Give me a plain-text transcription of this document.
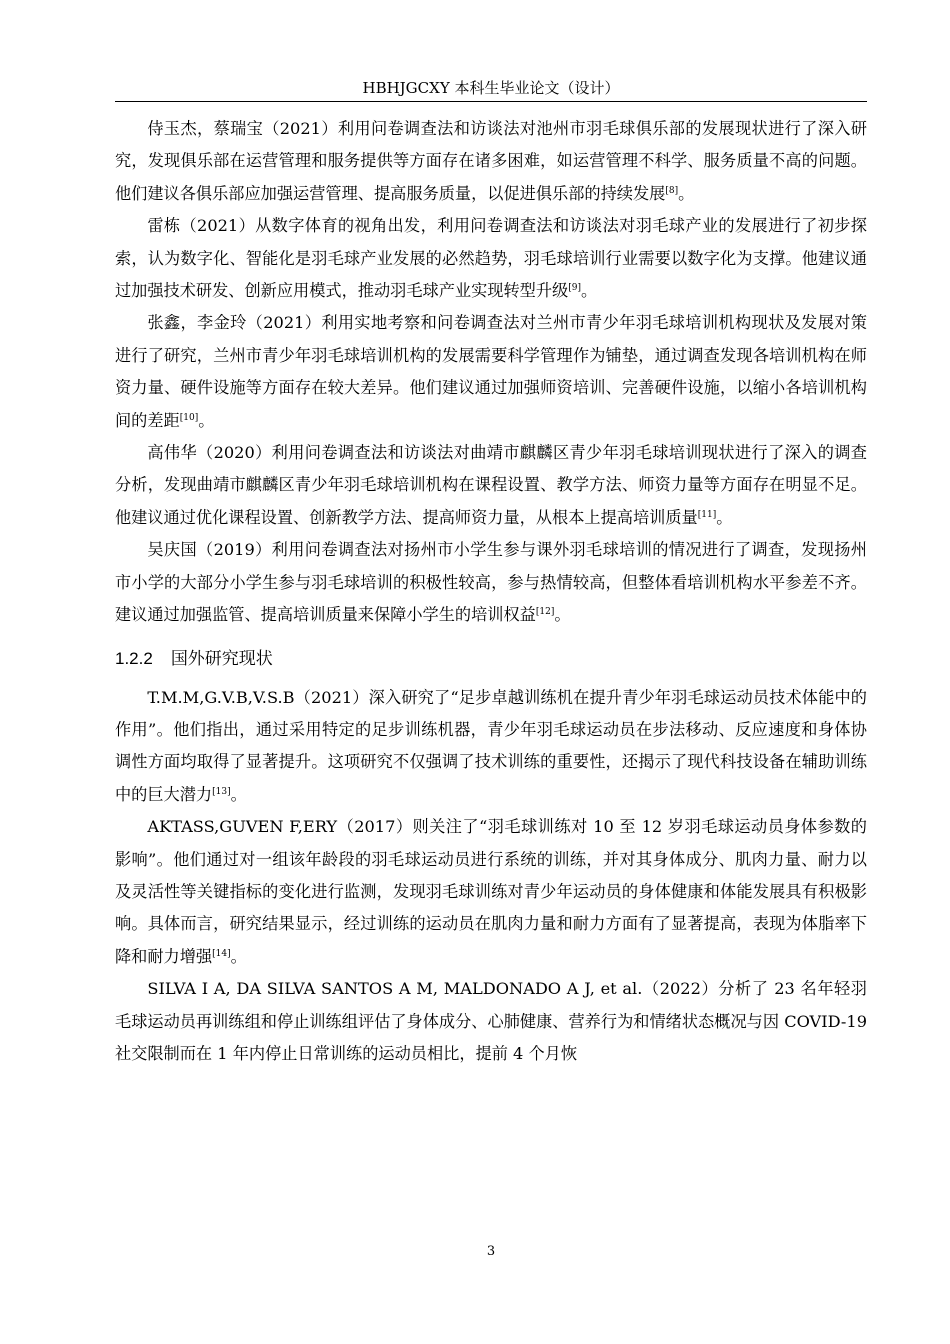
HBHJGCXY 本科生毕业论文（设计）

侍玉杰，蔡瑞宝（2021）利用问卷调查法和访谈法对池州市羽毛球俱乐部的发展现状进行了深入研究，发现俱乐部在运营管理和服务提供等方面存在诸多困难，如运营管理不科学、服务质量不高的问题。他们建议各俱乐部应加强运营管理、提高服务质量，以促进俱乐部的持续发展[8]。

雷栋（2021）从数字体育的视角出发，利用问卷调查法和访谈法对羽毛球产业的发展进行了初步探索，认为数字化、智能化是羽毛球产业发展的必然趋势，羽毛球培训行业需要以数字化为支撑。他建议通过加强技术研发、创新应用模式，推动羽毛球产业实现转型升级[9]。

张鑫，李金玲（2021）利用实地考察和问卷调查法对兰州市青少年羽毛球培训机构现状及发展对策进行了研究，兰州市青少年羽毛球培训机构的发展需要科学管理作为铺垫，通过调查发现各培训机构在师资力量、硬件设施等方面存在较大差异。他们建议通过加强师资培训、完善硬件设施，以缩小各培训机构间的差距[10]。

高伟华（2020）利用问卷调查法和访谈法对曲靖市麒麟区青少年羽毛球培训现状进行了深入的调查分析，发现曲靖市麒麟区青少年羽毛球培训机构在课程设置、教学方法、师资力量等方面存在明显不足。他建议通过优化课程设置、创新教学方法、提高师资力量，从根本上提高培训质量[11]。

吴庆国（2019）利用问卷调查法对扬州市小学生参与课外羽毛球培训的情况进行了调查，发现扬州市小学的大部分小学生参与羽毛球培训的积极性较高，参与热情较高，但整体看培训机构水平参差不齐。建议通过加强监管、提高培训质量来保障小学生的培训权益[12]。

1.2.2 国外研究现状

T.M.M,G.V.B,V.S.B（2021）深入研究了“足步卓越训练机在提升青少年羽毛球运动员技术体能中的作用”。他们指出，通过采用特定的足步训练机器，青少年羽毛球运动员在步法移动、反应速度和身体协调性方面均取得了显著提升。这项研究不仅强调了技术训练的重要性，还揭示了现代科技设备在辅助训练中的巨大潜力[13]。

AKTASS,GUVEN F,ERY（2017）则关注了“羽毛球训练对 10 至 12 岁羽毛球运动员身体参数的影响”。他们通过对一组该年龄段的羽毛球运动员进行系统的训练，并对其身体成分、肌肉力量、耐力以及灵活性等关键指标的变化进行监测，发现羽毛球训练对青少年运动员的身体健康和体能发展具有积极影响。具体而言，研究结果显示，经过训练的运动员在肌肉力量和耐力方面有了显著提高，表现为体脂率下降和耐力增强[14]。

SILVA I A, DA SILVA SANTOS A M, MALDONADO A J, et al.（2022）分析了 23 名年轻羽毛球运动员再训练组和停止训练组评估了身体成分、心肺健康、营养行为和情绪状态概况与因 COVID-19 社交限制而在 1 年内停止日常训练的运动员相比，提前 4 个月恢

3
